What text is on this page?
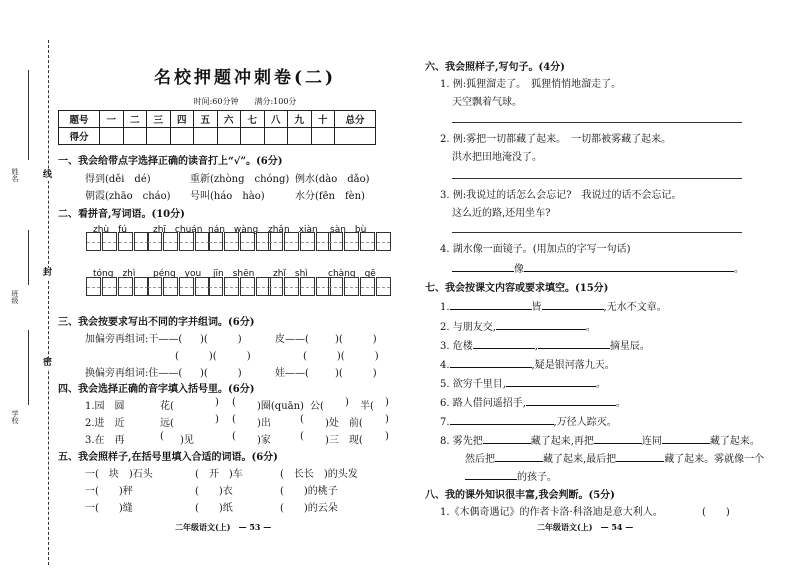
线
封
密
姓名
班级
学校
名校押题冲刺卷(二)
时间:60分钟　　满分:100分
题号	一	二	三	四	五	六	七	八	九	十	总分
得分											
一、我会给带点字选择正确的读音打上“√”。(6分)
得到(děi　dé)	重新(zhòng　chóng) 例水(dào　dǎo)
朝霞(zhāo　cháo) 号叫(háo　hào)	水分(fēn　fèn)
二、看拼音,写词语。(10分)
zhù　fú	zhī　chuán nán　wàng zhǎn　xiàn sàn　bù
tóng　zhì péng　you jīn　shēn zhǐ　shì chàng　gē
三、我会按要求写出不同的字并组词。(6分)
加偏旁再组词:干——( )(　　　)	皮——(	)(　　　)
(　　　)(　　　)	(　　　)(　　　)
换偏旁再组词:住——( )(　　　)	娃——(	)(　　　)
四、我会选择正确的音字填入括号里。(6分)
1.园　圆	花(	) ( )圈(quān) 公( ) 半( )
2.进　近	远(	) ( )出	( )处　前( )
3.在　再	( )见	( )家	( )三　现( )
五、我会照样子,在括号里填入合适的词语。(6分)
一(　块　)石头	(　开　)车	(　长长　)的头发
一(　　)秤	(　　)衣	(　　)的桃子
一(　　)缝	(　　)纸	(　　)的云朵
二年级语文(上)　— 53 —
六、我会照样子,写句子。(4分)
1. 例:狐狸溜走了。　狐狸悄悄地溜走了。
天空飘着气球。
2. 例:雾把一切都藏了起来。　一切都被雾藏了起来。
洪水把田地淹没了。
3. 例:我说过的话怎么会忘记?　我说过的话不会忘记。
这么近的路,还用坐车?
4. 湖水像一面镜子。(用加点的字写一句话)
像	。
七、我会按课文内容或要求填空。(15分)
1.	皆	,无水不文章。
2. 与朋友交,	。
3. 危楼	,	摘星辰。
4.	,疑是银河落九天。
5. 欲穷千里目,	。
6. 路人借问遥招手,	。
7.	,万径人踪灭。
8. 雾先把	藏了起来,再把	连同	藏了起来。
然后把	藏了起来,最后把	藏了起来。雾就像一个
的孩子。
八、我的课外知识很丰富,我会判断。(5分)
1.《木偶奇遇记》的作者卡洛·科洛迪是意大利人。	(　　)
二年级语文(上)　— 54 —
